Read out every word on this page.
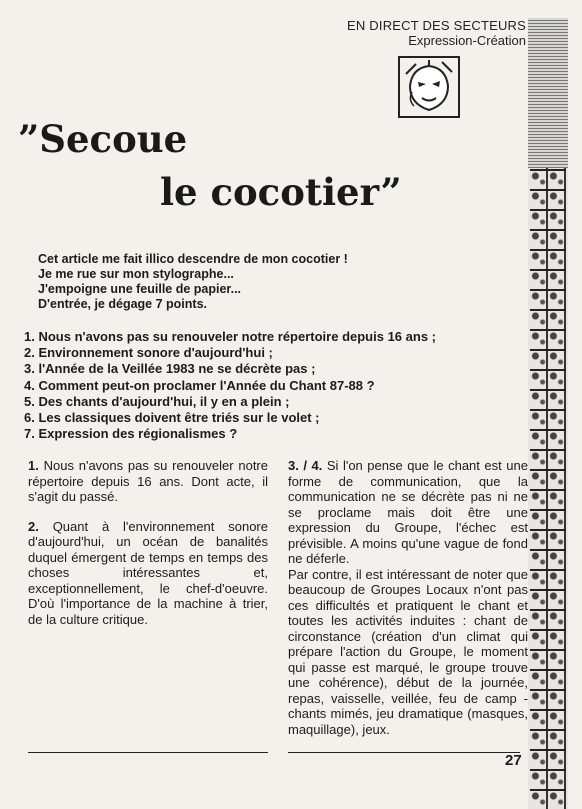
EN DIRECT DES SECTEURS
Expression-Création
”Secoue
le cocotier”
Cet article me fait illico descendre de mon cocotier !
Je me rue sur mon stylographe...
J'empoigne une feuille de papier...
D'entrée, je dégage 7 points.
1. Nous n'avons pas su renouveler notre répertoire depuis 16 ans ;
2. Environnement sonore d'aujourd'hui ;
3. l'Année de la Veillée 1983 ne se décrète pas ;
4. Comment peut-on proclamer l'Année du Chant 87-88 ?
5. Des chants d'aujourd'hui, il y en a plein ;
6. Les classiques doivent être triés sur le volet ;
7. Expression des régionalismes ?

1. Nous n'avons pas su renouveler notre répertoire depuis 16 ans. Dont acte, il s'agit du passé.

2. Quant à l'environnement sonore d'aujourd'hui, un océan de banalités duquel émergent de temps en temps des choses intéressantes et, exceptionnellement, le chef-d'oeuvre. D'où l'importance de la machine à trier, de la culture critique.

3. / 4. Si l'on pense que le chant est une forme de communication, que la communication ne se décrète pas ni ne se proclame mais doit être une expression du Groupe, l'échec est prévisible. A moins qu'une vague de fond ne déferle.

Par contre, il est intéressant de noter que beaucoup de Groupes Locaux n'ont pas ces difficultés et pratiquent le chant et toutes les activités induites : chant de circonstance (création d'un climat qui prépare l'action du Groupe, le moment qui passe est marqué, le groupe trouve une cohérence), début de la journée, repas, vaisselle, veillée, feu de camp - chants mimés, jeu dramatique (masques, maquillage), jeux.

27
